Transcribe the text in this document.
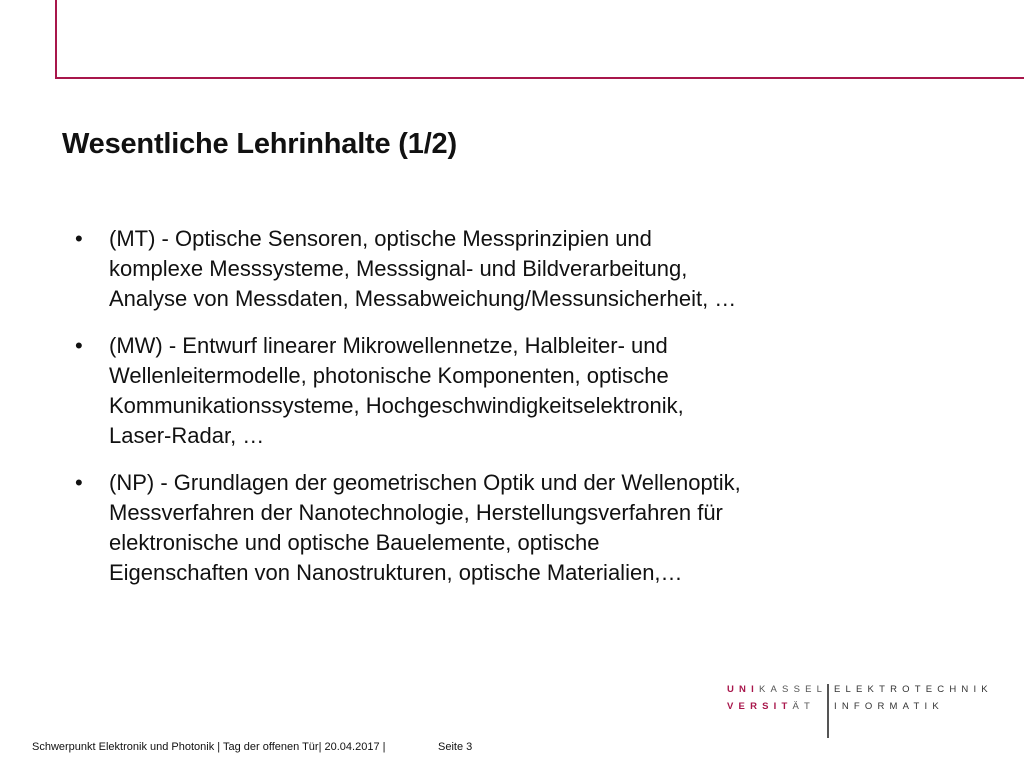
Wesentliche Lehrinhalte (1/2)
• (MT) - Optische Sensoren, optische Messprinzipien und
komplexe Messsysteme, Messsignal- und Bildverarbeitung,
Analyse von Messdaten, Messabweichung/Messunsicherheit, …
• (MW) - Entwurf linearer Mikrowellennetze, Halbleiter- und
Wellenleitermodelle, photonische Komponenten, optische
Kommunikationssysteme, Hochgeschwindigkeitselektronik,
Laser-Radar, …
• (NP) - Grundlagen der geometrischen Optik und der Wellenoptik,
Messverfahren der Nanotechnologie, Herstellungsverfahren für
elektronische und optische Bauelemente, optische
Eigenschaften von Nanostrukturen, optische Materialien,…
UNIKASSEL
VERSITÄT
ELEKTROTECHNIK
INFORMATIK
Schwerpunkt Elektronik und Photonik | Tag der offenen Tür| 20.04.2017 |	Seite 3
